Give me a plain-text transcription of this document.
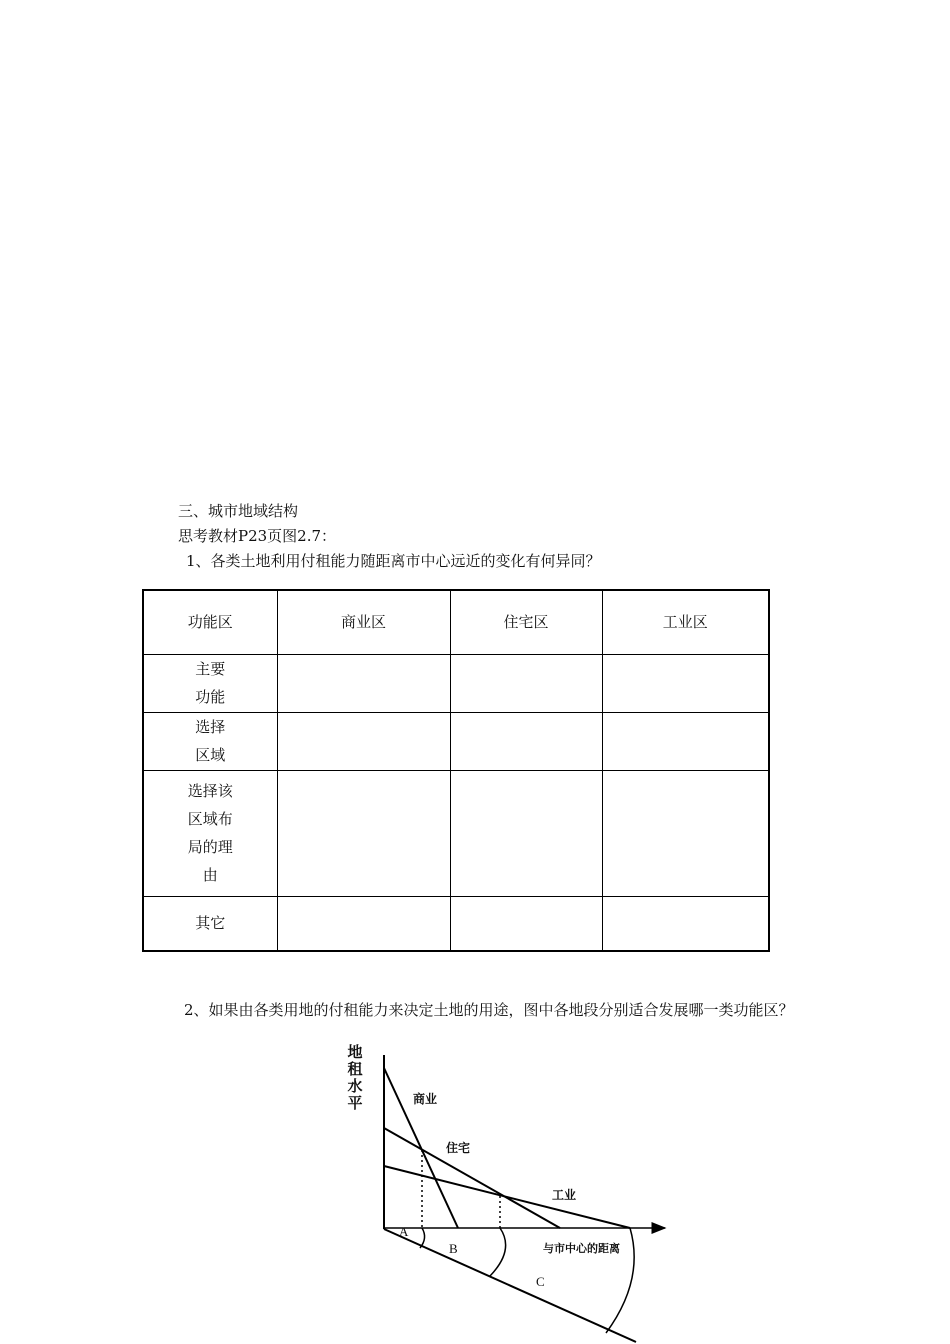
三、城市地域结构
思考教材P23页图2.7：
1、各类土地利用付租能力随距离市中心远近的变化有何异同？
功能区	商业区	住宅区	工业区

主要
功能			

选择
区域			

选择该
区域布
局的理
由			

其它			

2、如果由各类用地的付租能力来决定土地的用途，图中各地段分别适合发展哪一类功能区？
地租水平	商业
住宅
工业
与市中心的距离
A
B
C
